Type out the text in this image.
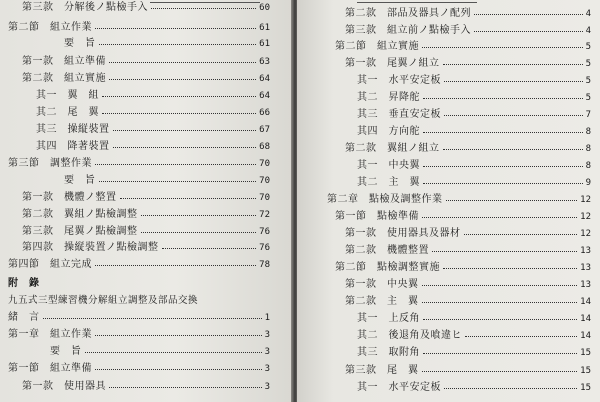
第三款　分解後ノ點檢手入	60
第二節　組立作業	61
要　旨	61
第一款　組立準備	63
第二款　組立實施	64
其一　翼　組	64
其二　尾　翼	66
其三　操縦裝置	67
其四　降著裝置	68
第三節　調整作業	70
要　旨	70
第一款　機體ノ整置	70
第二款　翼組ノ點檢調整	72
第三款　尾翼ノ點檢調整	76
第四款　操縦裝置ノ點檢調整	76
第四節　組立完成	78
附　錄
九五式三型練習機分解組立調整及部品交換
緒　言	1
第一章　組立作業	3
要　旨	3
第一節　組立準備	3
第一款　使用器具	3
第二款　部品及器具ノ配列	4
第三款　組立前ノ點檢手入	4
第二節　組立實施	5
第一款　尾翼ノ組立	5
其一　水平安定板	5
其二　昇降舵	5
其三　垂直安定板	7
其四　方向舵	8
第二款　翼組ノ組立	8
其一　中央翼	8
其二　主　翼	9
第二章　點檢及調整作業	12
第一節　點檢準備	12
第一款　使用器具及器材	12
第二款　機體整置	13
第二節　點檢調整實施	13
第一款　中央翼	13
第二款　主　翼	14
其一　上反角	14
其二　後退角及喰違ヒ	14
其三　取附角	15
第三款　尾　翼	15
其一　水平安定板	15
